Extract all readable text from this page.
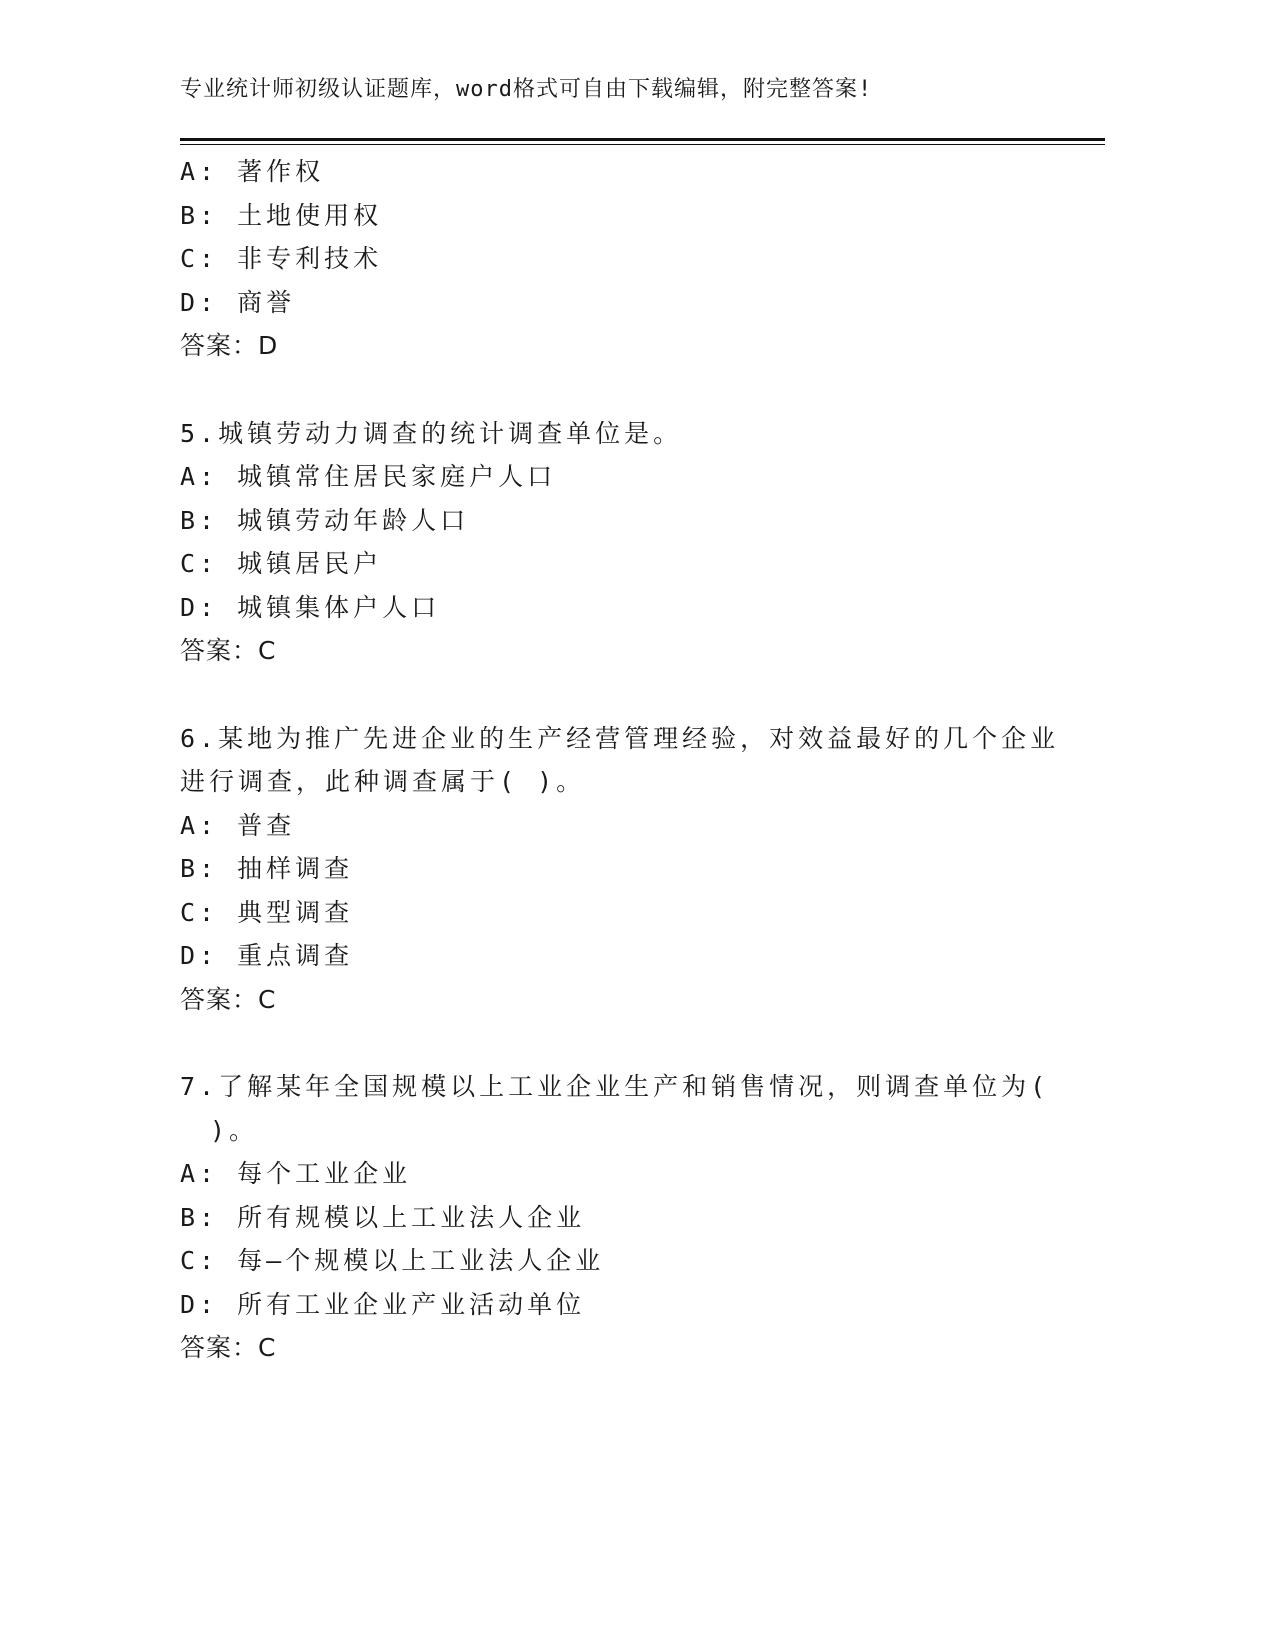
专业统计师初级认证题库，word格式可自由下载编辑，附完整答案!
A: 著作权
B: 土地使用权
C: 非专利技术
D: 商誉
答案：D
5.城镇劳动力调查的统计调查单位是。
A: 城镇常住居民家庭户人口
B: 城镇劳动年龄人口
C: 城镇居民户
D: 城镇集体户人口
答案：C
6.某地为推广先进企业的生产经营管理经验，对效益最好的几个企业
进行调查，此种调查属于( )。
A: 普查
B: 抽样调查
C: 典型调查
D: 重点调查
答案：C
7.了解某年全国规模以上工业企业生产和销售情况，则调查单位为(
)。
A: 每个工业企业
B: 所有规模以上工业法人企业
C: 每—个规模以上工业法人企业
D: 所有工业企业产业活动单位
答案：C
